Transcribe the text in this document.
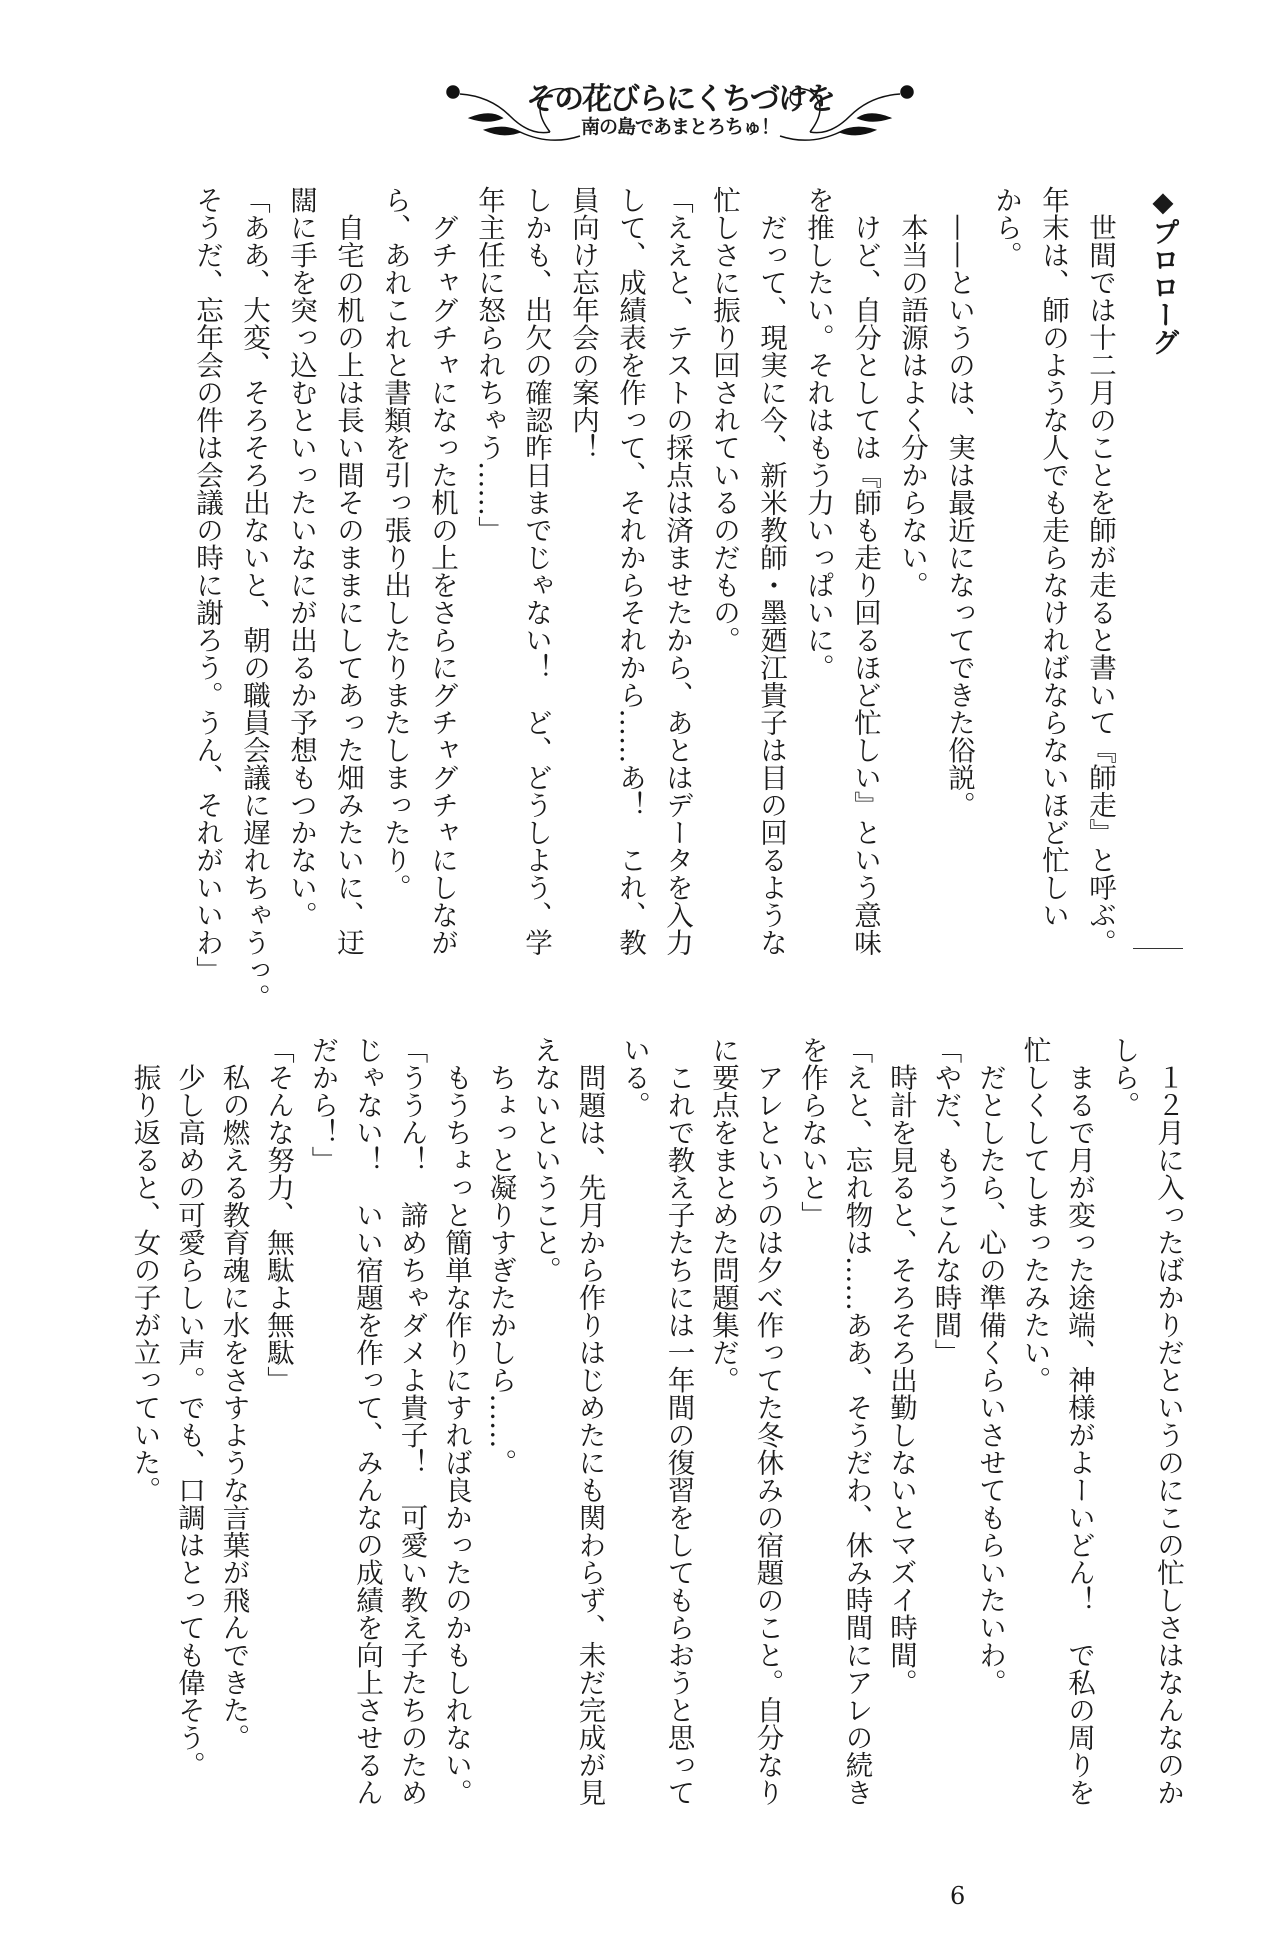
その花びらにくちづけを
南の島であまとろちゅ！
◆プロローグ
　世間では十二月のことを師が走ると書いて『師走』と呼ぶ。
年末は、師のような人でも走らなければならないほど忙しい
から。
　——というのは、実は最近になってできた俗説。
　本当の語源はよく分からない。
　けど、自分としては『師も走り回るほど忙しい』という意味
を推したい。それはもう力いっぱいに。
　だって、現実に今、新米教師・墨廼江貴子は目の回るような
忙しさに振り回されているのだもの。
「ええと、テストの採点は済ませたから、あとはデータを入力
して、成績表を作って、それからそれから……あ！　これ、教
員向け忘年会の案内！
しかも、出欠の確認昨日までじゃない！　ど、どうしよう、学
年主任に怒られちゃう……」
　グチャグチャになった机の上をさらにグチャグチャにしなが
ら、あれこれと書類を引っ張り出したりまたしまったり。
　自宅の机の上は長い間そのままにしてあった畑みたいに、迂
闊に手を突っ込むといったいなにが出るか予想もつかない。
「ああ、大変、そろそろ出ないと、朝の職員会議に遅れちゃうっ。
そうだ、忘年会の件は会議の時に謝ろう。うん、それがいいわ」
　１２月に入ったばかりだというのにこの忙しさはなんなのか
しら。
　まるで月が変った途端、神様がよーいどん！　で私の周りを
忙しくしてしまったみたい。
　だとしたら、心の準備くらいさせてもらいたいわ。
「やだ、もうこんな時間」
　時計を見ると、そろそろ出勤しないとマズイ時間。
「えと、忘れ物は……ああ、そうだわ、休み時間にアレの続き
を作らないと」
　アレというのは夕べ作ってた冬休みの宿題のこと。自分なり
に要点をまとめた問題集だ。
　これで教え子たちには一年間の復習をしてもらおうと思って
いる。
　問題は、先月から作りはじめたにも関わらず、未だ完成が見
えないということ。
　ちょっと凝りすぎたかしら……。
　もうちょっと簡単な作りにすれば良かったのかもしれない。
「ううん！　諦めちゃダメよ貴子！　可愛い教え子たちのため
じゃない！　いい宿題を作って、みんなの成績を向上させるん
だから！」
「そんな努力、無駄よ無駄」
　私の燃える教育魂に水をさすような言葉が飛んできた。
　少し高めの可愛らしい声。でも、口調はとっても偉そう。
　振り返ると、女の子が立っていた。
6
